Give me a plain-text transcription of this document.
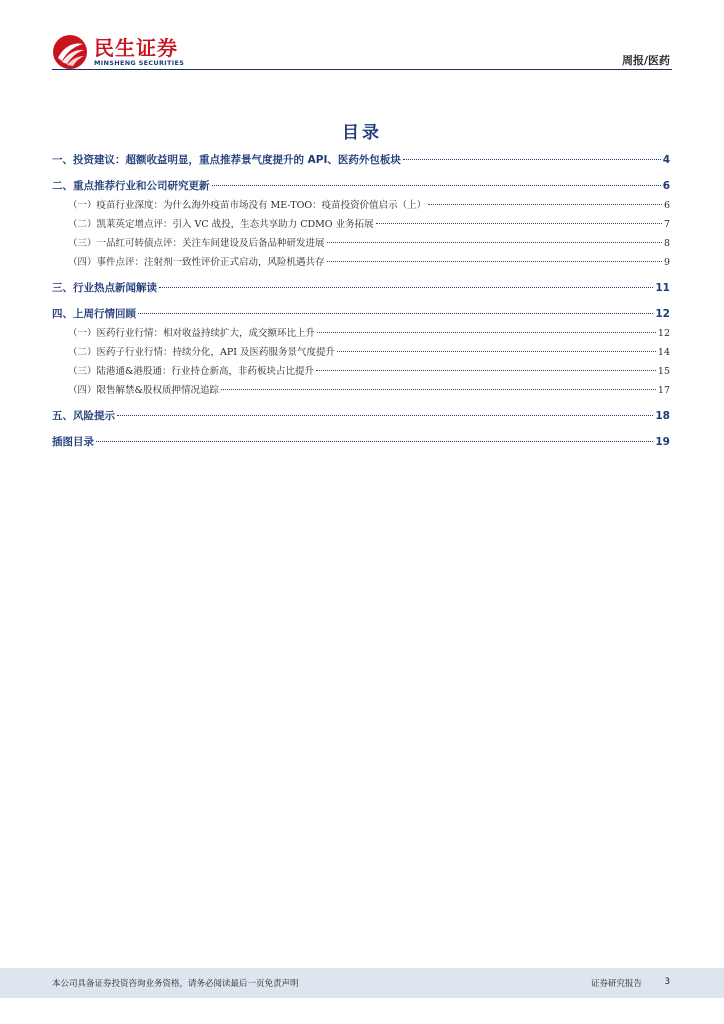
民生证券
MINSHENG SECURITIES	周报/医药
目录
一、投资建议：超额收益明显，重点推荐景气度提升的 API、医药外包板块	4
二、重点推荐行业和公司研究更新	6
（一）疫苗行业深度：为什么海外疫苗市场没有 ME-TOO：疫苗投资价值启示（上）	6
（二）凯莱英定增点评：引入 VC 战投，生态共享助力 CDMO 业务拓展	7
（三）一品红可转债点评：关注车间建设及后备品种研发进展	8
（四）事件点评：注射剂一致性评价正式启动，风险机遇共存	9
三、行业热点新闻解读	11
四、上周行情回顾	12
（一）医药行业行情：相对收益持续扩大，成交额环比上升	12
（二）医药子行业行情：持续分化，API 及医药服务景气度提升	14
（三）陆港通&港股通：行业持仓新高，非药板块占比提升	15
（四）限售解禁&股权质押情况追踪	17
五、风险提示	18
插图目录	19
本公司具备证券投资咨询业务资格，请务必阅读最后一页免责声明	证券研究报告	3
